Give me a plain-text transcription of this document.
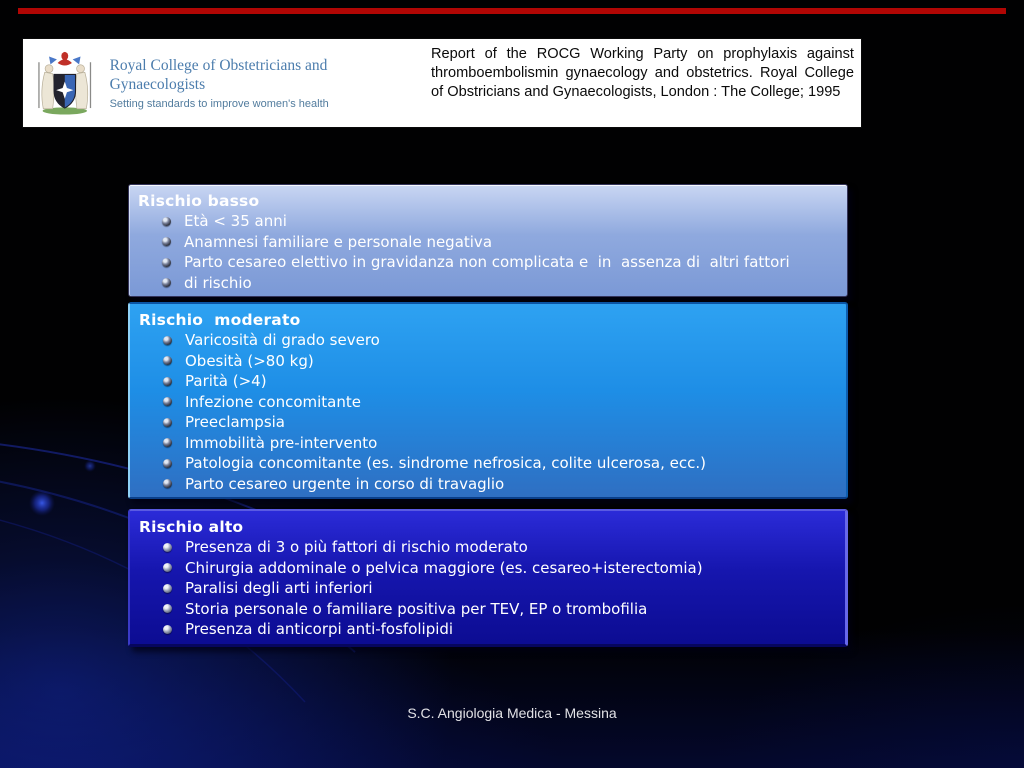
Royal College of Obstetricians and Gynaecologists
Setting standards to improve women's health
Report of the ROCG Working Party on prophylaxis against thromboembolismin gynaecology and obstetrics. Royal College of Obstricians and Gynaecologists, London : The College; 1995
Rischio basso
Età < 35 anni
Anamnesi familiare e personale negativa
Parto cesareo elettivo in gravidanza non complicata e  in  assenza di  altri fattori
di rischio
Rischio  moderato
Varicosità di grado severo
Obesità (>80 kg)
Parità (>4)
Infezione concomitante
Preeclampsia
Immobilità pre-intervento
Patologia concomitante (es. sindrome nefrosica, colite ulcerosa, ecc.)
Parto cesareo urgente in corso di travaglio
Rischio alto
Presenza di 3 o più fattori di rischio moderato
Chirurgia addominale o pelvica maggiore (es. cesareo+isterectomia)
Paralisi degli arti inferiori
Storia personale o familiare positiva per TEV, EP o trombofilia
Presenza di anticorpi anti-fosfolipidi
S.C. Angiologia Medica - Messina
